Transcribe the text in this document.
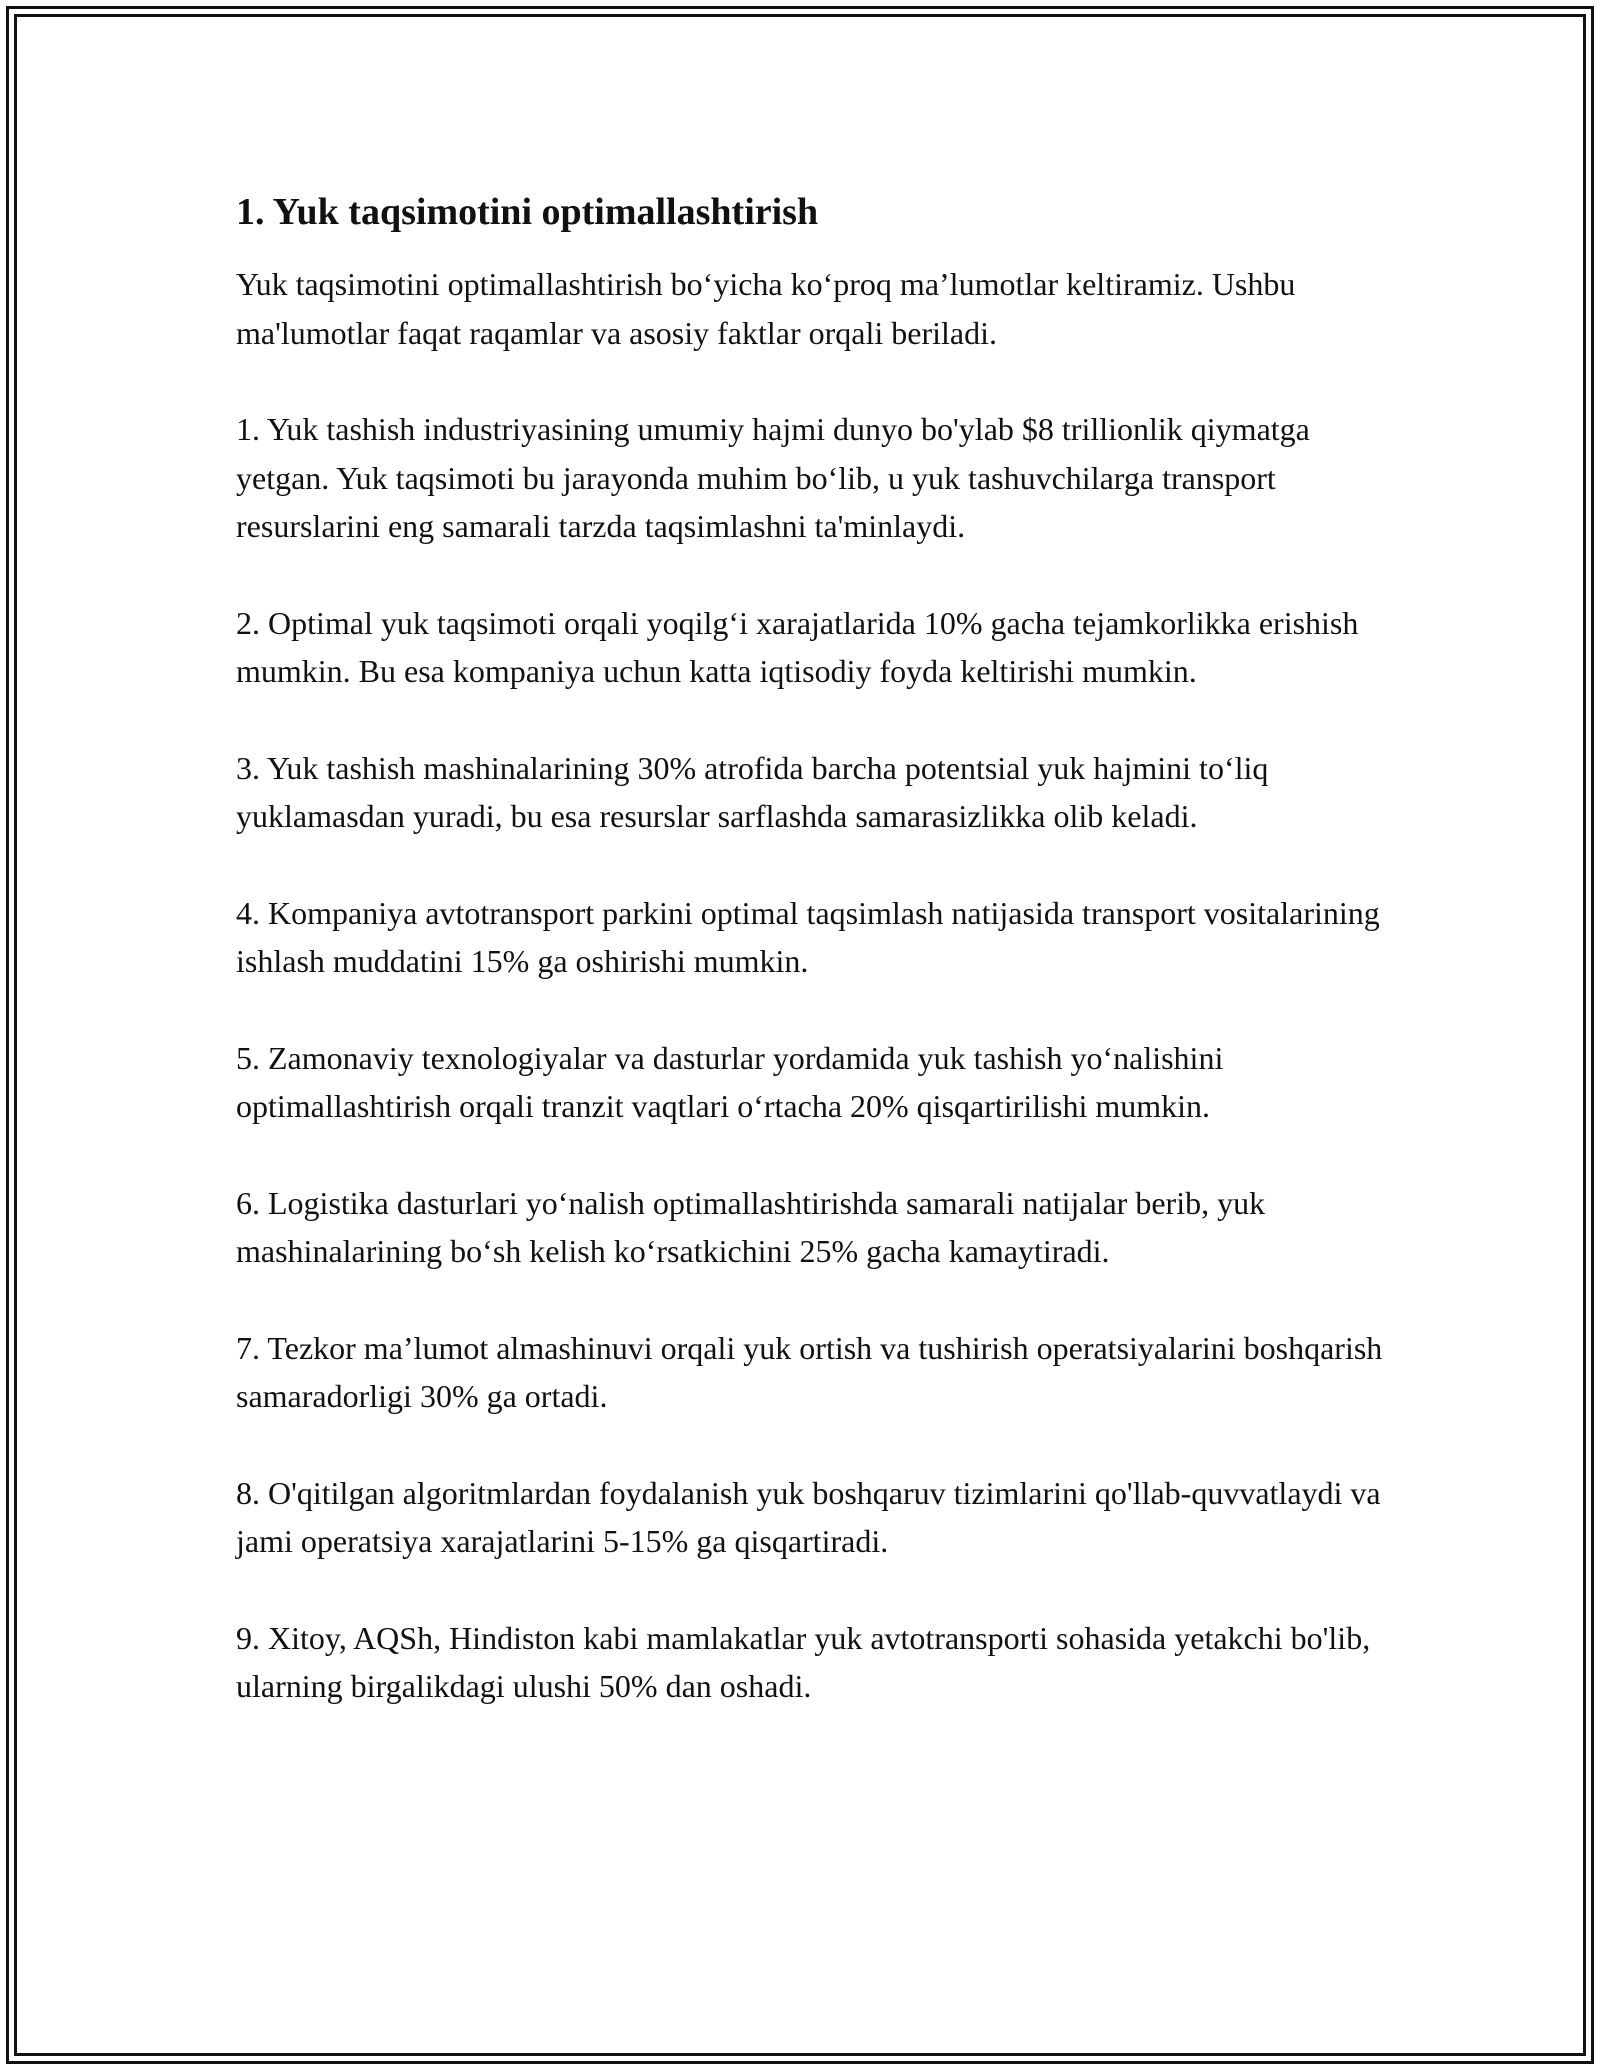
1. Yuk taqsimotini optimallashtirish

Yuk taqsimotini optimallashtirish bo‘yicha ko‘proq ma’lumotlar keltiramiz. Ushbu ma'lumotlar faqat raqamlar va asosiy faktlar orqali beriladi.

1. Yuk tashish industriyasining umumiy hajmi dunyo bo'ylab $8 trillionlik qiymatga yetgan. Yuk taqsimoti bu jarayonda muhim bo‘lib, u yuk tashuvchilarga transport resurslarini eng samarali tarzda taqsimlashni ta'minlaydi.

2. Optimal yuk taqsimoti orqali yoqilg‘i xarajatlarida 10% gacha tejamkorlikka erishish mumkin. Bu esa kompaniya uchun katta iqtisodiy foyda keltirishi mumkin.

3. Yuk tashish mashinalarining 30% atrofida barcha potentsial yuk hajmini to‘liq yuklamasdan yuradi, bu esa resurslar sarflashda samarasizlikka olib keladi.

4. Kompaniya avtotransport parkini optimal taqsimlash natijasida transport vositalarining ishlash muddatini 15% ga oshirishi mumkin.

5. Zamonaviy texnologiyalar va dasturlar yordamida yuk tashish yo‘nalishini optimallashtirish orqali tranzit vaqtlari o‘rtacha 20% qisqartirilishi mumkin.

6. Logistika dasturlari yo‘nalish optimallashtirishda samarali natijalar berib, yuk mashinalarining bo‘sh kelish ko‘rsatkichini 25% gacha kamaytiradi.

7. Tezkor ma’lumot almashinuvi orqali yuk ortish va tushirish operatsiyalarini boshqarish samaradorligi 30% ga ortadi.

8. O'qitilgan algoritmlardan foydalanish yuk boshqaruv tizimlarini qo'llab-quvvatlaydi va jami operatsiya xarajatlarini 5-15% ga qisqartiradi.

9. Xitoy, AQSh, Hindiston kabi mamlakatlar yuk avtotransporti sohasida yetakchi bo'lib, ularning birgalikdagi ulushi 50% dan oshadi.
